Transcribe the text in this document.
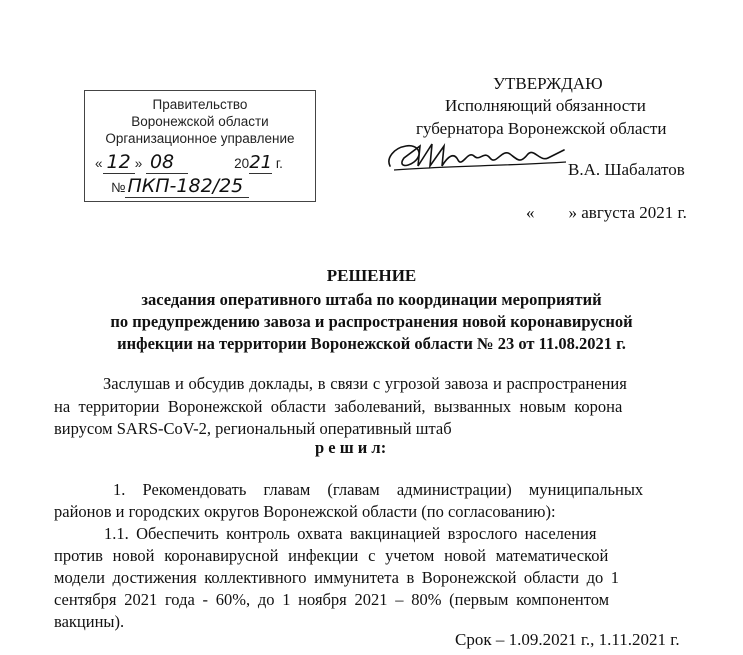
Правительство
Воронежской области
Организационное управление
« 12 » 08	2021 г.
№ ПКП-182/25
УТВЕРЖДАЮ
Исполняющий обязанности
губернатора Воронежской области
В.А. Шабалатов
«        » августа 2021 г.
РЕШЕНИЕ
заседания оперативного штаба по координации мероприятий
по предупреждению завоза и распространения новой коронавирусной
инфекции на территории Воронежской области № 23 от 11.08.2021 г.
Заслушав и обсудив доклады, в связи с угрозой завоза и распространения
на территории Воронежской области заболеваний, вызванных новым корона
вирусом SARS-CoV-2, региональный оперативный штаб
р е ш и л:
1. Рекомендовать главам (главам администрации) муниципальных
районов и городских округов Воронежской области (по согласованию):
1.1. Обеспечить контроль охвата вакцинацией взрослого населения
против новой коронавирусной инфекции с учетом новой математической
модели достижения коллективного иммунитета в Воронежской области до 1
сентября 2021 года - 60%, до 1 ноября 2021 – 80% (первым компонентом
вакцины).
Срок – 1.09.2021 г., 1.11.2021 г.
